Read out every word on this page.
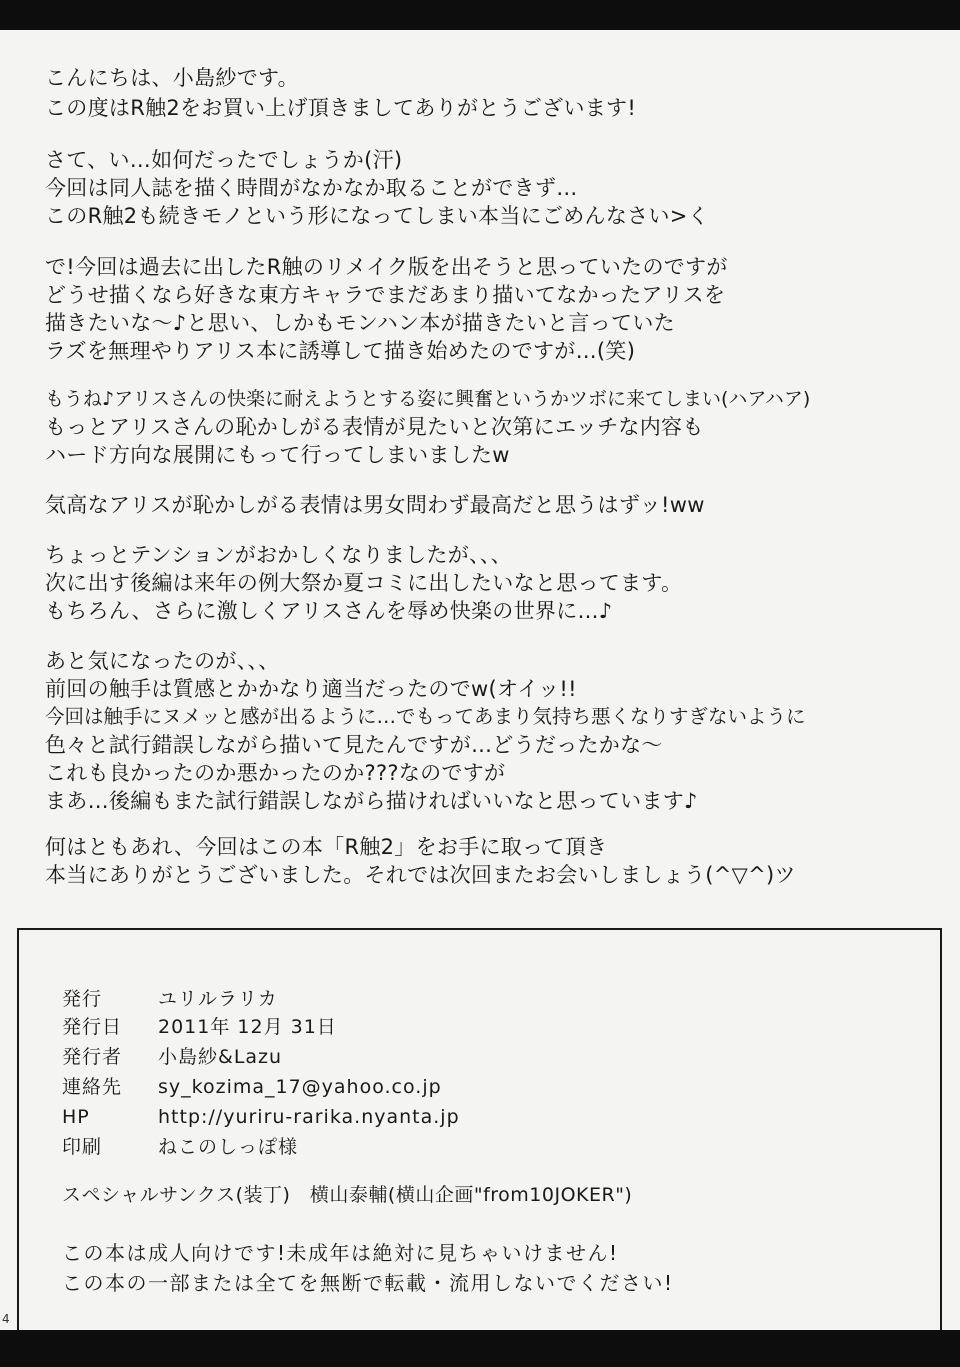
こんにちは、小島紗です。
この度はR触2をお買い上げ頂きましてありがとうございます!
さて、い…如何だったでしょうか(汗)
今回は同人誌を描く時間がなかなか取ることができず…
このR触2も続きモノという形になってしまい本当にごめんなさい>く
で!今回は過去に出したR触のリメイク版を出そうと思っていたのですが
どうせ描くなら好きな東方キャラでまだあまり描いてなかったアリスを
描きたいな〜♪と思い、しかもモンハン本が描きたいと言っていた
ラズを無理やりアリス本に誘導して描き始めたのですが…(笑)
もうね♪アリスさんの快楽に耐えようとする姿に興奮というかツボに来てしまい(ハアハア)
もっとアリスさんの恥かしがる表情が見たいと次第にエッチな内容も
ハード方向な展開にもって行ってしまいましたw
気高なアリスが恥かしがる表情は男女問わず最高だと思うはずッ!ww
ちょっとテンションがおかしくなりましたが、、、
次に出す後編は来年の例大祭か夏コミに出したいなと思ってます。
もちろん、さらに激しくアリスさんを辱め快楽の世界に…♪
あと気になったのが、、、
前回の触手は質感とかかなり適当だったのでw(オイッ!!
今回は触手にヌメッと感が出るように…でもってあまり気持ち悪くなりすぎないように
色々と試行錯誤しながら描いて見たんですが…どうだったかな〜
これも良かったのか悪かったのか???なのですが
まあ…後編もまた試行錯誤しながら描ければいいなと思っています♪
何はともあれ、今回はこの本「R触2」をお手に取って頂き
本当にありがとうございました。それでは次回またお会いしましょう(^▽^)ツ
発行	ユリルラリカ
発行日 2011年 12月 31日
発行者 小島紗&Lazu
連絡先 sy_kozima_17@yahoo.co.jp
HP	http://yuriru-rarika.nyanta.jp
印刷	ねこのしっぽ様
スペシャルサンクス(装丁)　横山泰輔(横山企画"from10JOKER")
この本は成人向けです!未成年は絶対に見ちゃいけません!
この本の一部または全てを無断で転載・流用しないでください!
4
